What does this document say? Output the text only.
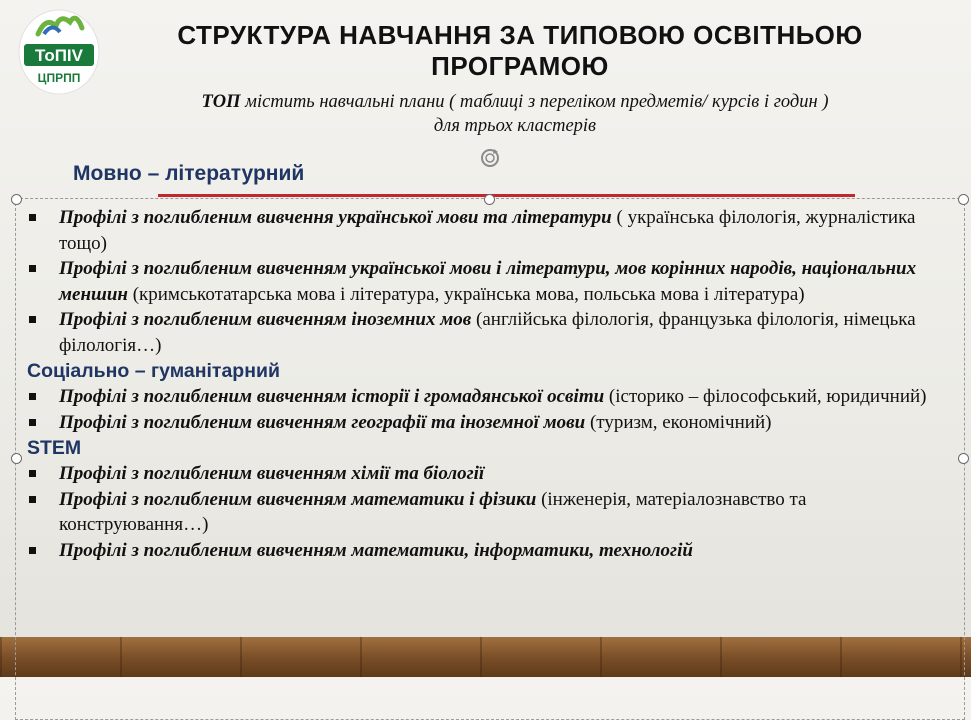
ТоПІV
ЦПРПП
СТРУКТУРА НАВЧАННЯ ЗА ТИПОВОЮ ОСВІТНЬОЮ
ПРОГРАМОЮ
ТОП містить навчальні плани ( таблиці з переліком предметів/ курсів і годин )
для трьох кластерів
Мовно – літературний
Профілі з поглибленим вивчення української мови та літератури ( українська філологія, журналістика тощо)
Профілі з поглибленим вивченням української мови і літератури, мов корінних народів, національних меншин (кримськотатарська мова і література, українська мова, польська мова і література)
Профілі з поглибленим вивченням іноземних мов (англійська філологія, французька філологія, німецька філологія…)
Соціально – гуманітарний
Профілі з поглибленим вивченням історії і громадянської освіти (історико – філософський, юридичний)
Профілі з поглибленим вивченням географії та іноземної мови (туризм, економічний)
STEM
Профілі з поглибленим вивченням хімії та біології
Профілі з поглибленим вивченням математики і фізики (інженерія, матеріалознавство та конструювання…)
Профілі з поглибленим вивченням математики, інформатики, технологій
